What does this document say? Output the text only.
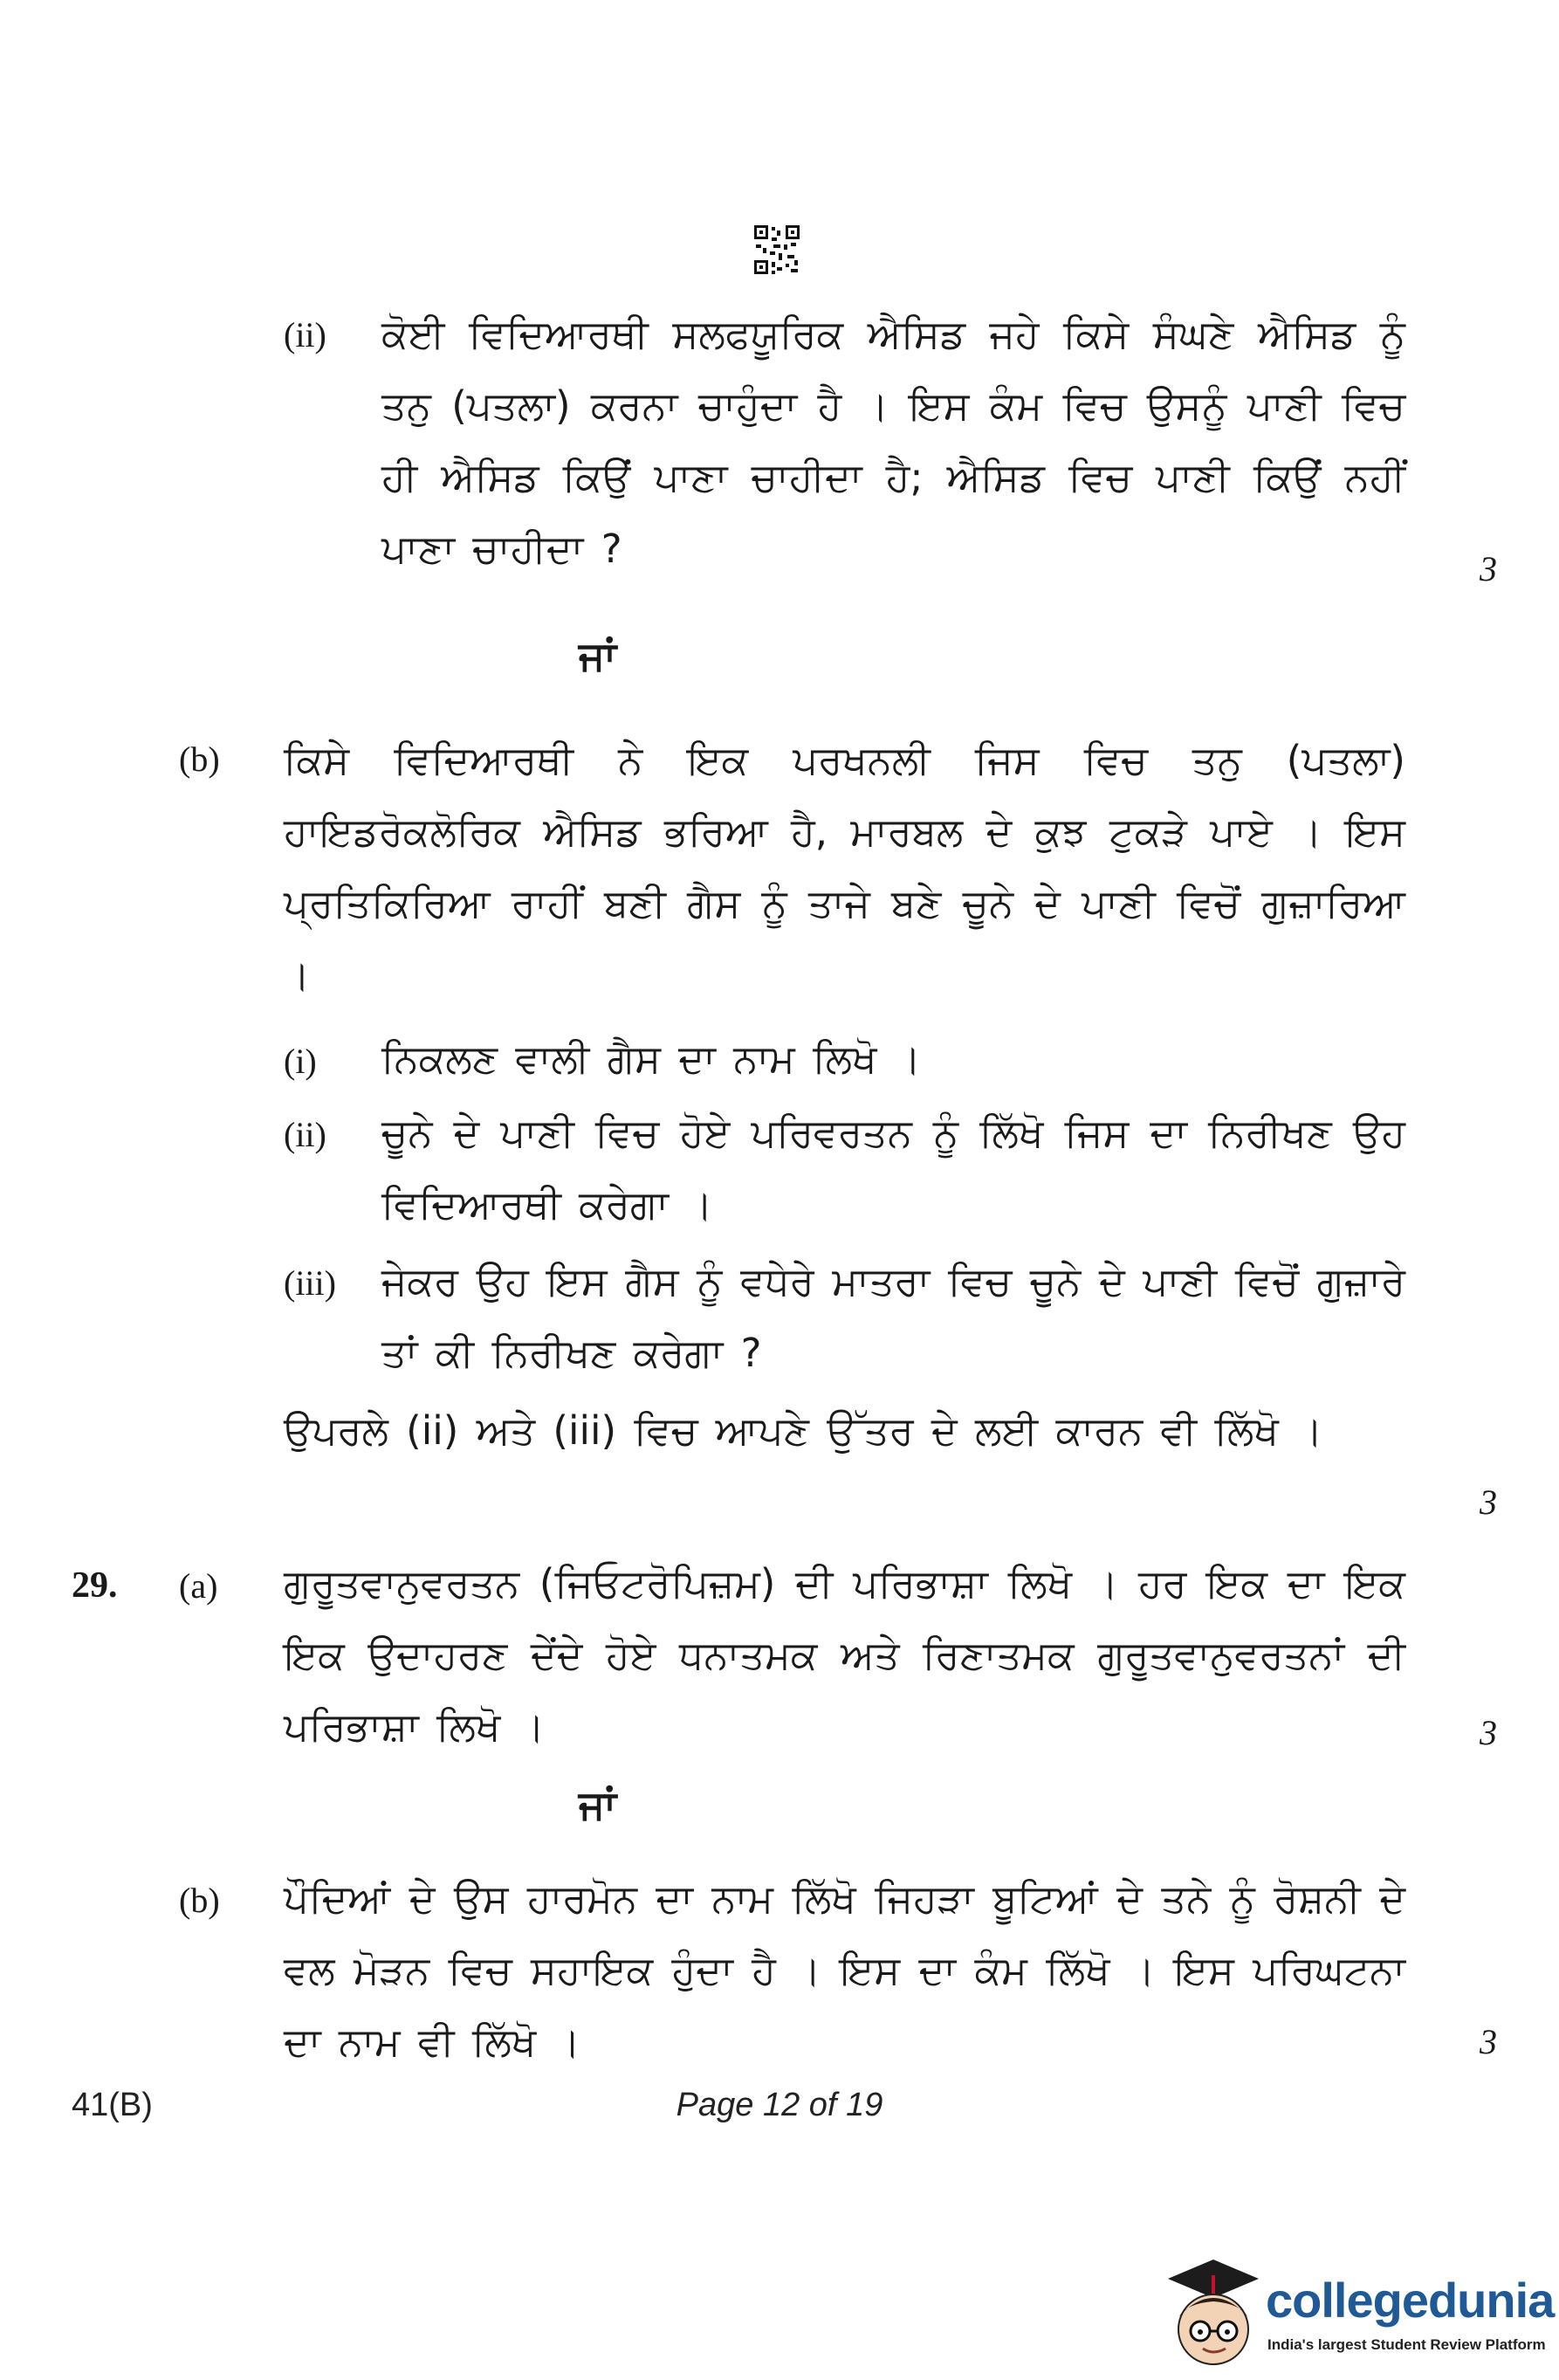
(ii) ਕੋਈ ਵਿਦਿਆਰਥੀ ਸਲਫਯੂਰਿਕ ਐਸਿਡ ਜਹੇ ਕਿਸੇ ਸੰਘਣੇ ਐਸਿਡ ਨੂੰ ਤਨੁ (ਪਤਲਾ) ਕਰਨਾ ਚਾਹੁੰਦਾ ਹੈ । ਇਸ ਕੰਮ ਵਿਚ ਉਸਨੂੰ ਪਾਣੀ ਵਿਚ ਹੀ ਐਸਿਡ ਕਿਉਂ ਪਾਣਾ ਚਾਹੀਦਾ ਹੈ; ਐਸਿਡ ਵਿਚ ਪਾਣੀ ਕਿਉਂ ਨਹੀਂ ਪਾਣਾ ਚਾਹੀਦਾ ?	3
ਜਾਂ
(b) ਕਿਸੇ ਵਿਦਿਆਰਥੀ ਨੇ ਇਕ ਪਰਖਨਲੀ ਜਿਸ ਵਿਚ ਤਨੁ (ਪਤਲਾ) ਹਾਇਡਰੋਕਲੋਰਿਕ ਐਸਿਡ ਭਰਿਆ ਹੈ, ਮਾਰਬਲ ਦੇ ਕੁਝ ਟੁਕੜੇ ਪਾਏ । ਇਸ ਪ੍ਰਤਿਕਿਰਿਆ ਰਾਹੀਂ ਬਣੀ ਗੈਸ ਨੂੰ ਤਾਜੇ ਬਣੇ ਚੂਨੇ ਦੇ ਪਾਣੀ ਵਿਚੋਂ ਗੁਜ਼ਾਰਿਆ ।
(i) ਨਿਕਲਣ ਵਾਲੀ ਗੈਸ ਦਾ ਨਾਮ ਲਿਖੋ ।
(ii) ਚੂਨੇ ਦੇ ਪਾਣੀ ਵਿਚ ਹੋਏ ਪਰਿਵਰਤਨ ਨੂੰ ਲਿੱਖੋ ਜਿਸ ਦਾ ਨਿਰੀਖਣ ਉਹ ਵਿਦਿਆਰਥੀ ਕਰੇਗਾ ।
(iii) ਜੇਕਰ ਉਹ ਇਸ ਗੈਸ ਨੂੰ ਵਧੇਰੇ ਮਾਤਰਾ ਵਿਚ ਚੂਨੇ ਦੇ ਪਾਣੀ ਵਿਚੋਂ ਗੁਜ਼ਾਰੇ ਤਾਂ ਕੀ ਨਿਰੀਖਣ ਕਰੇਗਾ ?
ਉਪਰਲੇ (ii) ਅਤੇ (iii) ਵਿਚ ਆਪਣੇ ਉੱਤਰ ਦੇ ਲਈ ਕਾਰਨ ਵੀ ਲਿੱਖੋ ।
3
29. (a) ਗੁਰੂਤਵਾਨੁਵਰਤਨ (ਜਿਓਟਰੋਪਿਜ਼ਮ) ਦੀ ਪਰਿਭਾਸ਼ਾ ਲਿਖੋ । ਹਰ ਇਕ ਦਾ ਇਕ ਇਕ ਉਦਾਹਰਣ ਦੇਂਦੇ ਹੋਏ ਧਨਾਤਮਕ ਅਤੇ ਰਿਣਾਤਮਕ ਗੁਰੂਤਵਾਨੁਵਰਤਨਾਂ ਦੀ ਪਰਿਭਾਸ਼ਾ ਲਿਖੋ ।	3
ਜਾਂ
(b) ਪੌਦਿਆਂ ਦੇ ਉਸ ਹਾਰਮੋਨ ਦਾ ਨਾਮ ਲਿੱਖੋ ਜਿਹੜਾ ਬੂਟਿਆਂ ਦੇ ਤਨੇ ਨੂੰ ਰੋਸ਼ਨੀ ਦੇ ਵਲ ਮੋੜਨ ਵਿਚ ਸਹਾਇਕ ਹੁੰਦਾ ਹੈ । ਇਸ ਦਾ ਕੰਮ ਲਿੱਖੋ । ਇਸ ਪਰਿਘਟਨਾ ਦਾ ਨਾਮ ਵੀ ਲਿੱਖੋ ।	3
41(B)	Page 12 of 19
collegedunia
India's largest Student Review Platform
